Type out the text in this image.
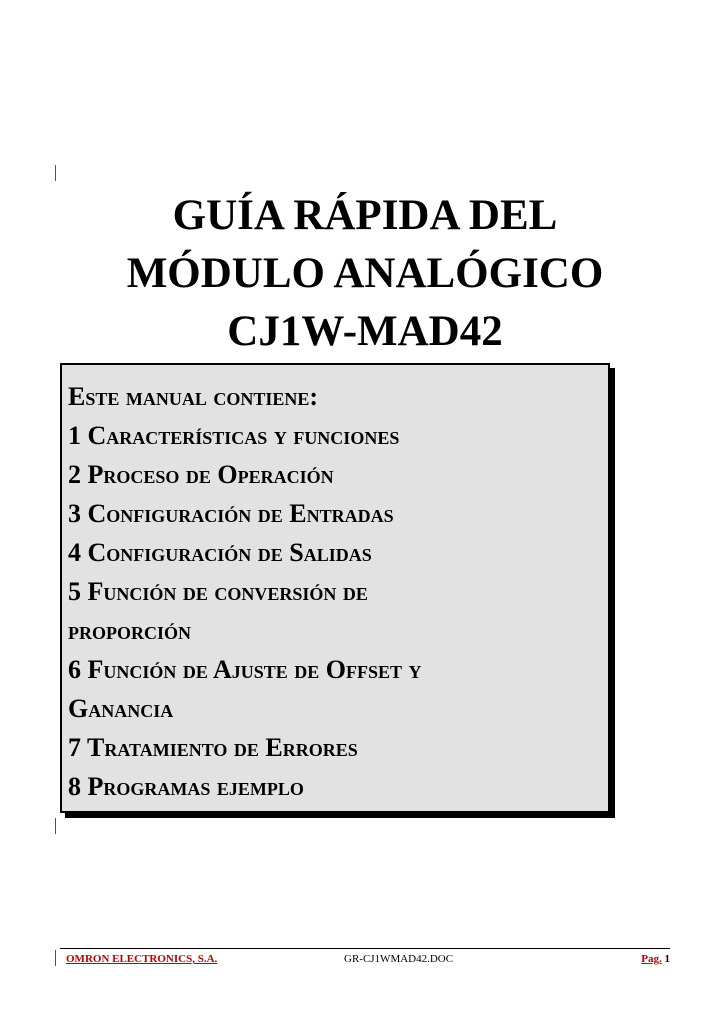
GUÍA RÁPIDA DEL
MÓDULO ANALÓGICO
CJ1W-MAD42
Este manual contiene:
1 Características y funciones
2 Proceso de Operación
3 Configuración de Entradas
4 Configuración de Salidas
5 Función de conversión de
proporción
6 Función de Ajuste de Offset y
Ganancia
7 Tratamiento de Errores
8 Programas ejemplo
OMRON ELECTRONICS, S.A.	GR-CJ1WMAD42.DOC	Pag. 1
